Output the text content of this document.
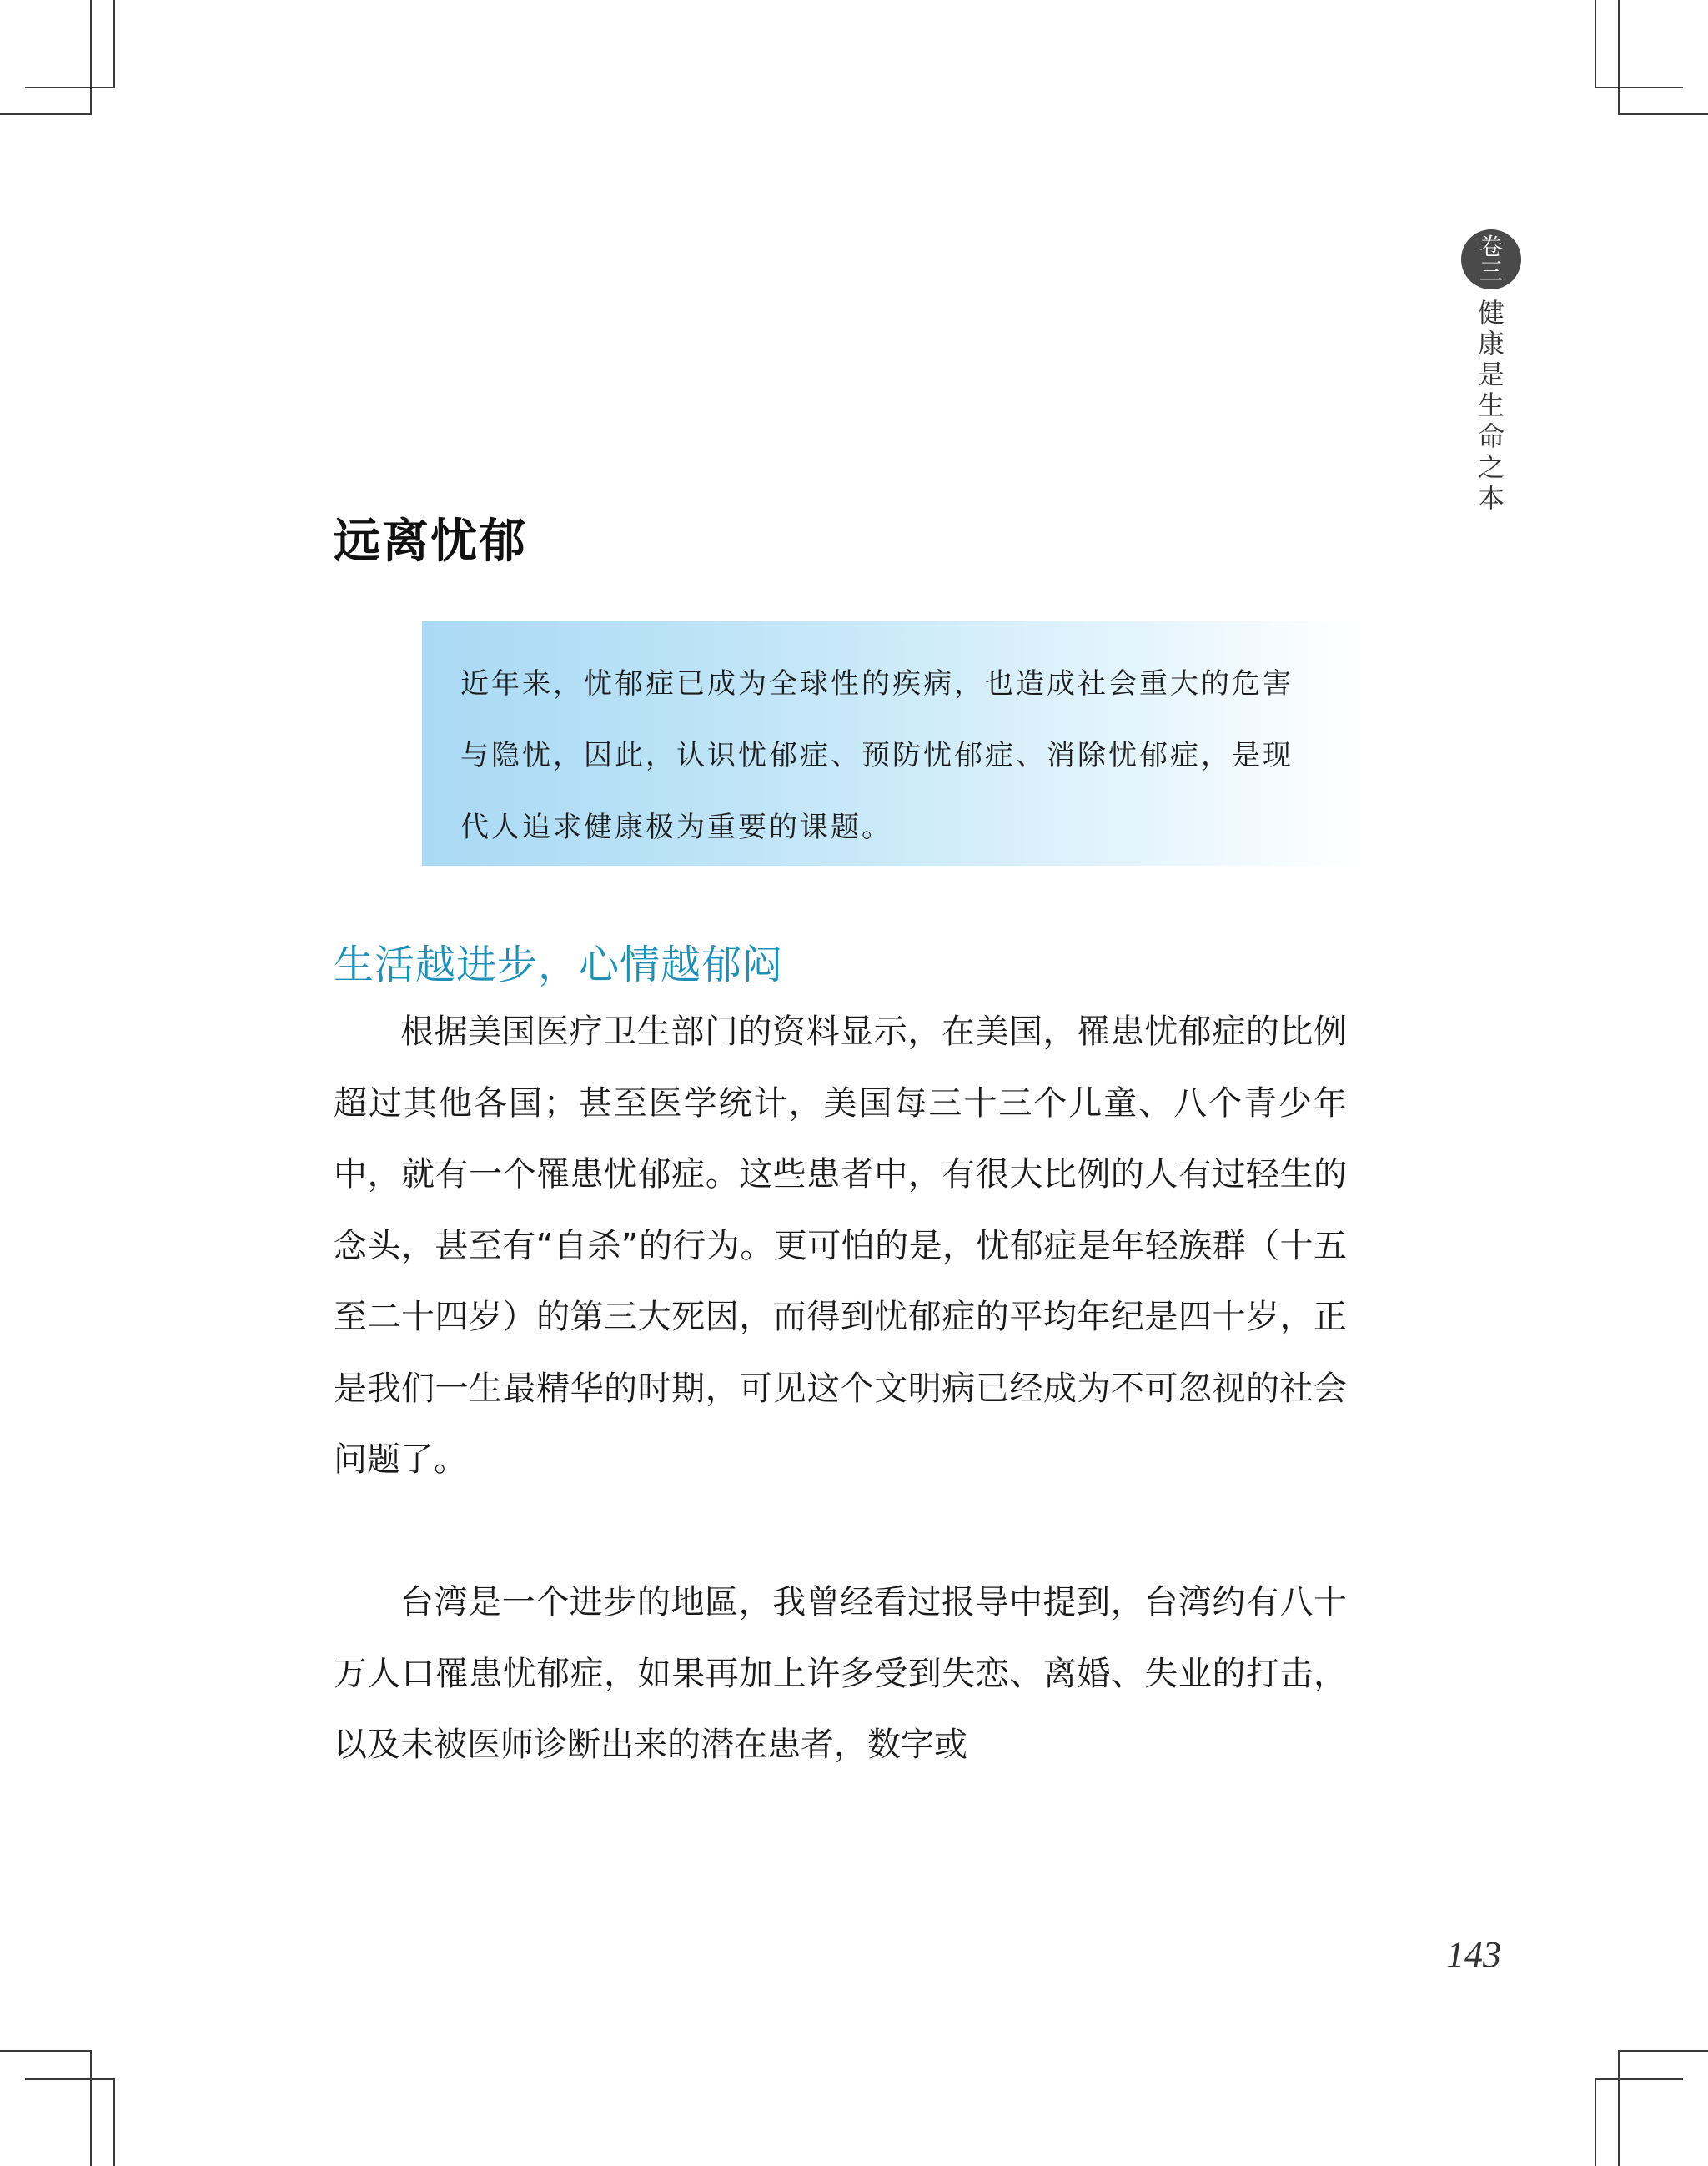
卷
三
健
康
是
生
命
之
本
远离忧郁

近年来，忧郁症已成为全球性的疾病，也造成社会重大的危害

与隐忧，因此，认识忧郁症、预防忧郁症、消除忧郁症，是现

代人追求健康极为重要的课题。

生活越进步，心情越郁闷

根据美国医疗卫生部门的资料显示，在美国，罹患忧郁症的比例超过其他各国；甚至医学统计，美国每三十三个儿童、八个青少年中，就有一个罹患忧郁症。这些患者中，有很大比例的人有过轻生的念头，甚至有“自杀”的行为。更可怕的是，忧郁症是年轻族群（十五至二十四岁）的第三大死因，而得到忧郁症的平均年纪是四十岁，正是我们一生最精华的时期，可见这个文明病已经成为不可忽视的社会问题了。

台湾是一个进步的地區，我曾经看过报导中提到，台湾约有八十万人口罹患忧郁症，如果再加上许多受到失恋、离婚、失业的打击，以及未被医师诊断出来的潜在患者，数字或

143
